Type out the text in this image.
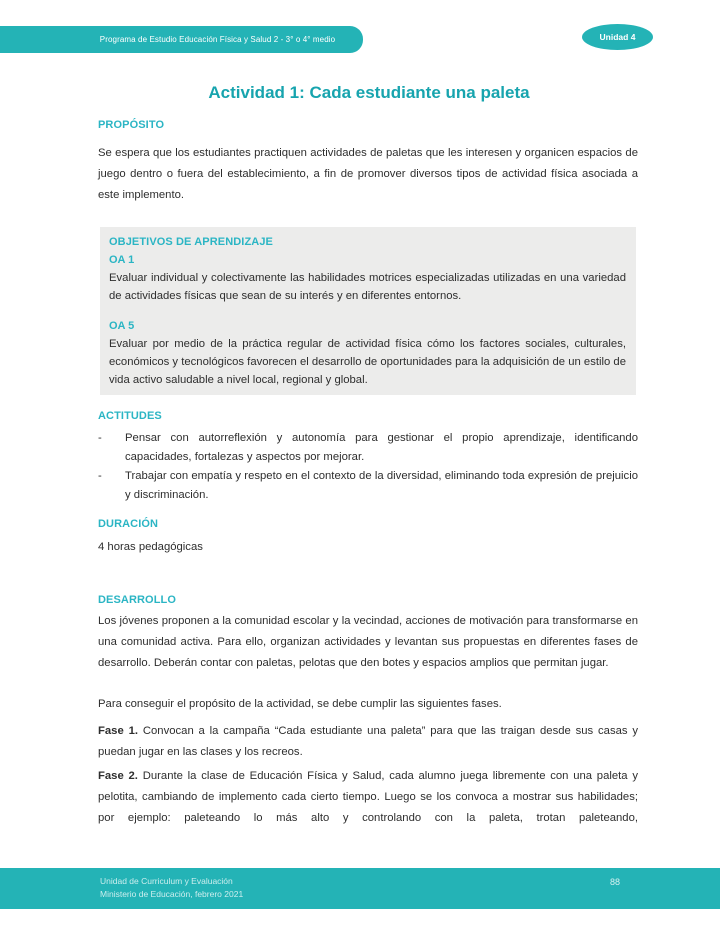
Programa de Estudio Educación Física y Salud 2 - 3° o 4° medio	Unidad 4
Actividad 1: Cada estudiante una paleta
PROPÓSITO
Se espera que los estudiantes practiquen actividades de paletas que les interesen y organicen espacios de juego dentro o fuera del establecimiento, a fin de promover diversos tipos de actividad física asociada a este implemento.
OBJETIVOS DE APRENDIZAJE
OA 1
Evaluar individual y colectivamente las habilidades motrices especializadas utilizadas en una variedad de actividades físicas que sean de su interés y en diferentes entornos.
OA 5
Evaluar por medio de la práctica regular de actividad física cómo los factores sociales, culturales, económicos y tecnológicos favorecen el desarrollo de oportunidades para la adquisición de un estilo de vida activo saludable a nivel local, regional y global.
ACTITUDES
-	Pensar con autorreflexión y autonomía para gestionar el propio aprendizaje, identificando capacidades, fortalezas y aspectos por mejorar.
-	Trabajar con empatía y respeto en el contexto de la diversidad, eliminando toda expresión de prejuicio y discriminación.
DURACIÓN
4 horas pedagógicas
DESARROLLO
Los jóvenes proponen a la comunidad escolar y la vecindad, acciones de motivación para transformarse en una comunidad activa. Para ello, organizan actividades y levantan sus propuestas en diferentes fases de desarrollo. Deberán contar con paletas, pelotas que den botes y espacios amplios que permitan jugar.
Para conseguir el propósito de la actividad, se debe cumplir las siguientes fases.
Fase 1. Convocan a la campaña “Cada estudiante una paleta” para que las traigan desde sus casas y puedan jugar en las clases y los recreos.
Fase 2. Durante la clase de Educación Física y Salud, cada alumno juega libremente con una paleta y pelotita, cambiando de implemento cada cierto tiempo. Luego se los convoca a mostrar sus habilidades; por ejemplo: paleteando lo más alto y controlando con la paleta, trotan paleteando,
Unidad de Curriculum y Evaluación
Ministerio de Educación, febrero 2021
88
